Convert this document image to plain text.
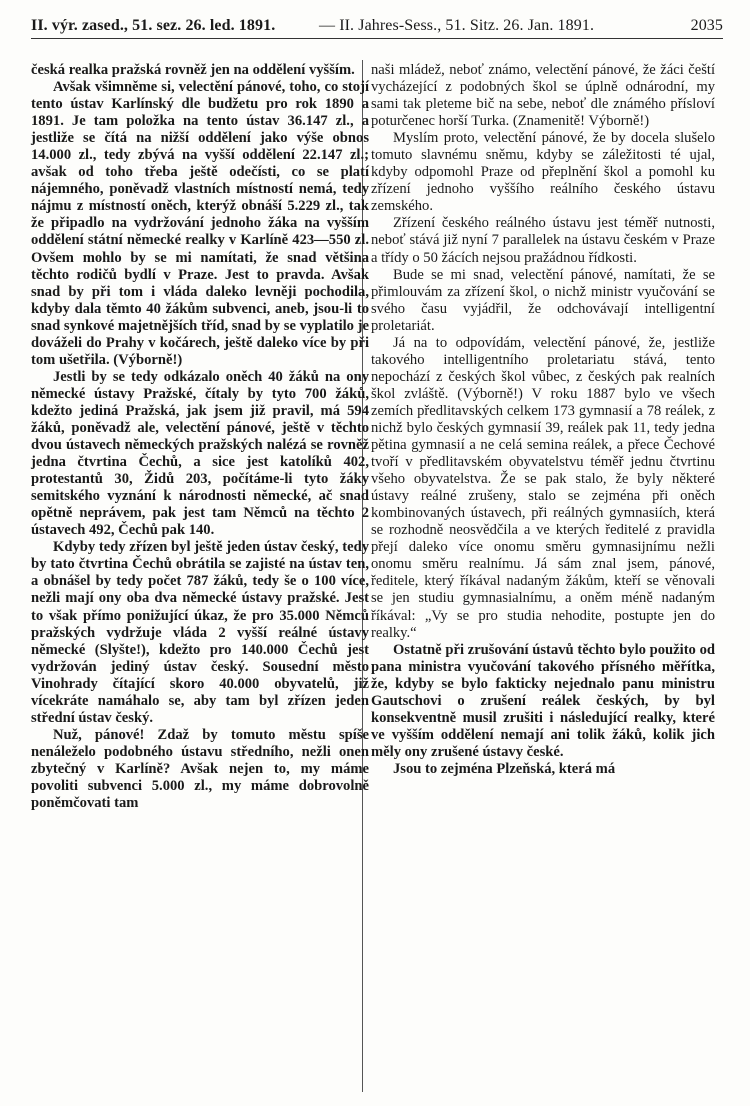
II. výr. zased., 51. sez. 26. led. 1891.	— II. Jahres-Sess., 51. Sitz. 26. Jan. 1891.	2035

česká realka pražská rovněž jen na oddělení vyšším.

Avšak všimněme si, velectění pánové, toho, co stojí tento ústav Karlínský dle budžetu pro rok 1890 a 1891. Je tam položka na tento ústav 36.147 zl., a jestliže se čítá na nižší oddělení jako výše obnos 14.000 zl., tedy zbývá na vyšší oddělení 22.147 zl.; avšak od toho třeba ještě odečísti, co se platí nájemného, poněvadž vlastních místností nemá, tedy nájmu z místností oněch, kterýž obnáší 5.229 zl., tak že připadlo na vydržování jednoho žáka na vyšším oddělení státní německé realky v Karlíně 423—550 zl. Ovšem mohlo by se mi namítati, že snad většina těchto rodičů bydlí v Praze. Jest to pravda. Avšak snad by při tom i vláda daleko levněji pochodila, kdyby dala těmto 40 žákům subvenci, aneb, jsou-li to snad synkové majetnějších tříd, snad by se vyplatilo je dováželi do Prahy v kočárech, ještě daleko více by při tom ušetřila. (Výborně!)

Jestli by se tedy odkázalo oněch 40 žáků na ony německé ústavy Pražské, čítaly by tyto 700 žáků, kdežto jediná Pražská, jak jsem již pravil, má 594 žáků, poněvadž ale, velectění pánové, ještě v těchto dvou ústavech německých pražských nalézá se rovněž jedna čtvrtina Čechů, a sice jest katolíků 402, protestantů 30, Židů 203, počítáme-li tyto žáky semitského vyznání k národnosti německé, ač snad opětně neprávem, pak jest tam Němců na těchto 2 ústavech 492, Čechů pak 140.

Kdyby tedy zřízen byl ještě jeden ústav český, tedy by tato čtvrtina Čechů obrátila se zajisté na ústav ten, a obnášel by tedy počet 787 žáků, tedy še o 100 více, nežli mají ony oba dva německé ústavy pražské. Jest to však přímo ponižující úkaz, že pro 35.000 Němců pražských vydržuje vláda 2 vyšší reálné ústavy německé (Slyšte!), kdežto pro 140.000 Čechů jest vydržován jediný ústav český. Sousední město Vinohrady čítající skoro 40.000 obyvatelů, již vícekráte namáhalo se, aby tam byl zřízen jeden střední ústav český.

Nuž, pánové! Zdaž by tomuto městu spíše nenáleželo podobného ústavu středního, nežli onen zbytečný v Karlíně? Avšak nejen to, my máme povoliti subvenci 5.000 zl., my máme dobrovolně poněmčovati tam

naši mládež, neboť známo, velectění pánové, že žáci čeští vycházející z podobných škol se úplně odnárodní, my sami tak pleteme bič na sebe, neboť dle známého přísloví poturčenec horší Turka. (Znamenitě! Výborně!)

Myslím proto, velectění pánové, že by docela slušelo tomuto slavnému sněmu, kdyby se záležitosti té ujal, kdyby odpomohl Praze od přeplnění škol a pomohl ku zřízení jednoho vyššího reálního českého ústavu zemského.

Zřízení českého reálného ústavu jest téměř nutnosti, neboť stává již nyní 7 parallelek na ústavu českém v Praze a třídy o 50 žácích nejsou pražádnou řídkosti.

Bude se mi snad, velectění pánové, namítati, že se přimlouvám za zřízení škol, o nichž ministr vyučování se svého času vyjádřil, že odchovávají intelligentní proletariát.

Já na to odpovídám, velectění pánové, že, jestliže takového intelligentního proletariatu stává, tento nepochází z českých škol vůbec, z českých pak realních škol zvláště. (Výborně!) V roku 1887 bylo ve všech zemích předlitavských celkem 173 gymnasií a 78 reálek, z nichž bylo českých gymnasií 39, reálek pak 11, tedy jedna pětina gymnasií a ne celá semina reálek, a přece Čechové tvoří v předlitavském obyvatelstvu téměř jednu čtvrtinu všeho obyvatelstva. Že se pak stalo, že byly některé ústavy reálné zrušeny, stalo se zejména při oněch kombinovaných ústavech, při reálných gymnasiích, která se rozhodně neosvědčila a ve kterých ředitelé z pravidla přejí daleko více onomu směru gymnasijnímu nežli onomu směru realnímu. Já sám znal jsem, pánové, ředitele, který říkával nadaným žákům, kteří se věnovali se jen studiu gymnasialnímu, a oněm méně nadaným říkával: „Vy se pro studia nehodite, postupte jen do realky.“

Ostatně při zrušování ústavů těchto bylo použito od pana ministra vyučování takového přísného měřítka, že, kdyby se bylo fakticky nejednalo panu ministru Gautschovi o zrušení reálek českých, by byl konsekventně musil zrušiti i následující realky, které ve vyšším oddělení nemají ani tolik žáků, kolik jich měly ony zrušené ústavy české.

Jsou to zejména Plzeňská, která má
